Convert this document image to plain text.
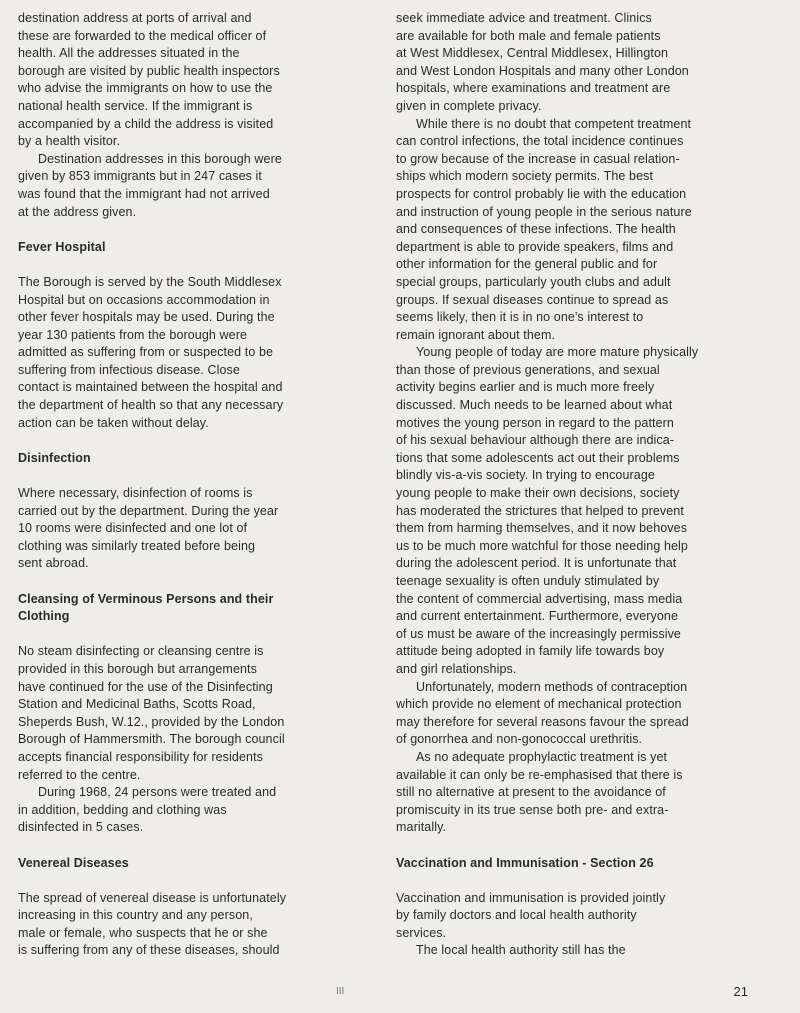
destination address at ports of arrival and
these are forwarded to the medical officer of
health. All the addresses situated in the
borough are visited by public health inspectors
who advise the immigrants on how to use the
national health service. If the immigrant is
accompanied by a child the address is visited
by a health visitor.

Destination addresses in this borough were
given by 853 immigrants but in 247 cases it
was found that the immigrant had not arrived
at the address given.

Fever Hospital

The Borough is served by the South Middlesex
Hospital but on occasions accommodation in
other fever hospitals may be used. During the
year 130 patients from the borough were
admitted as suffering from or suspected to be
suffering from infectious disease. Close
contact is maintained between the hospital and
the department of health so that any necessary
action can be taken without delay.

Disinfection

Where necessary, disinfection of rooms is
carried out by the department. During the year
10 rooms were disinfected and one lot of
clothing was similarly treated before being
sent abroad.

Cleansing of Verminous Persons and their
Clothing

No steam disinfecting or cleansing centre is
provided in this borough but arrangements
have continued for the use of the Disinfecting
Station and Medicinal Baths, Scotts Road,
Sheperds Bush, W.12., provided by the London
Borough of Hammersmith. The borough council
accepts financial responsibility for residents
referred to the centre.

During 1968, 24 persons were treated and
in addition, bedding and clothing was
disinfected in 5 cases.

Venereal Diseases

The spread of venereal disease is unfortunately
increasing in this country and any person,
male or female, who suspects that he or she
is suffering from any of these diseases, should

seek immediate advice and treatment. Clinics
are available for both male and female patients
at West Middlesex, Central Middlesex, Hillington
and West London Hospitals and many other London
hospitals, where examinations and treatment are
given in complete privacy.

While there is no doubt that competent treatment
can control infections, the total incidence continues
to grow because of the increase in casual relation-
ships which modern society permits. The best
prospects for control probably lie with the education
and instruction of young people in the serious nature
and consequences of these infections. The health
department is able to provide speakers, films and
other information for the general public and for
special groups, particularly youth clubs and adult
groups. If sexual diseases continue to spread as
seems likely, then it is in no one's interest to
remain ignorant about them.

Young people of today are more mature physically
than those of previous generations, and sexual
activity begins earlier and is much more freely
discussed. Much needs to be learned about what
motives the young person in regard to the pattern
of his sexual behaviour although there are indica-
tions that some adolescents act out their problems
blindly vis-a-vis society. In trying to encourage
young people to make their own decisions, society
has moderated the strictures that helped to prevent
them from harming themselves, and it now behoves
us to be much more watchful for those needing help
during the adolescent period. It is unfortunate that
teenage sexuality is often unduly stimulated by
the content of commercial advertising, mass media
and current entertainment. Furthermore, everyone
of us must be aware of the increasingly permissive
attitude being adopted in family life towards boy
and girl relationships.

Unfortunately, modern methods of contraception
which provide no element of mechanical protection
may therefore for several reasons favour the spread
of gonorrhea and non-gonococcal urethritis.

As no adequate prophylactic treatment is yet
available it can only be re-emphasised that there is
still no alternative at present to the avoidance of
promiscuity in its true sense both pre- and extra-
maritally.

Vaccination and Immunisation - Section 26

Vaccination and immunisation is provided jointly
by family doctors and local health authority
services.

The local health authority still has the

III	21
